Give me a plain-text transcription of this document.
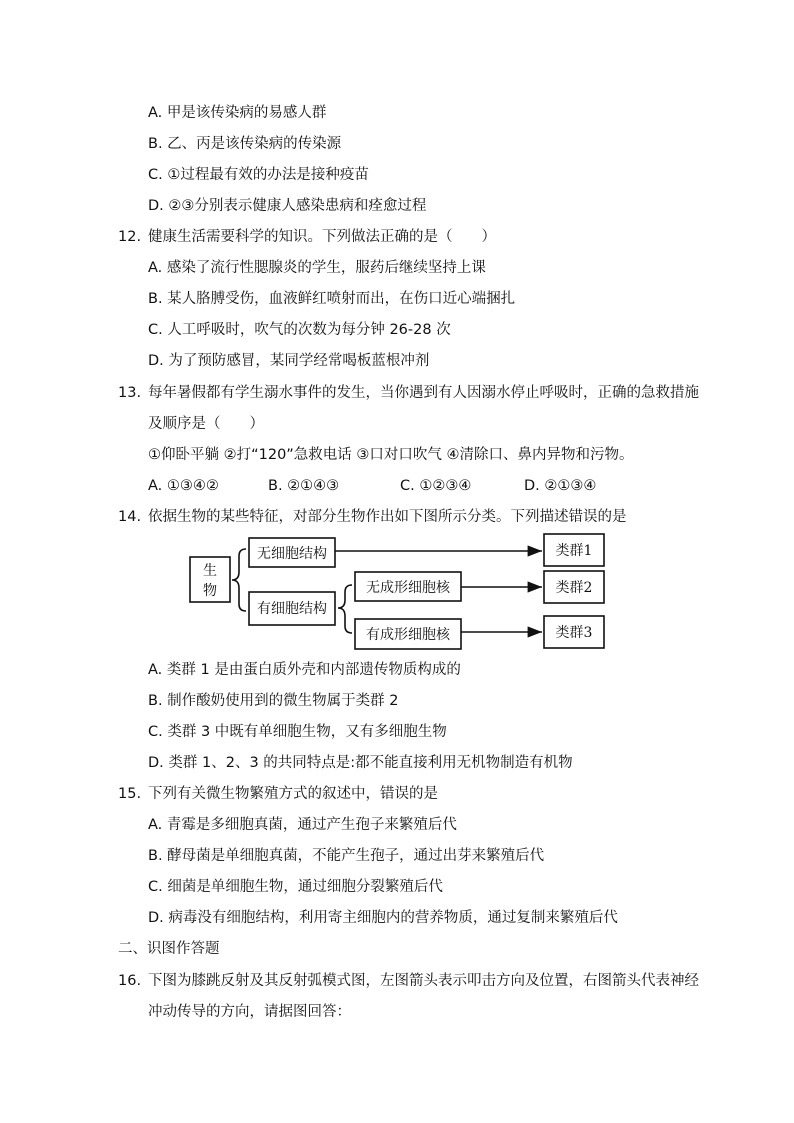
A. 甲是该传染病的易感人群
B. 乙、丙是该传染病的传染源
C. ①过程最有效的办法是接种疫苗
D. ②③分别表示健康人感染患病和痊愈过程
12. 健康生活需要科学的知识。下列做法正确的是（　　）
A. 感染了流行性腮腺炎的学生，服药后继续坚持上课
B. 某人胳膊受伤，血液鲜红喷射而出，在伤口近心端捆扎
C. 人工呼吸时，吹气的次数为每分钟 26-28 次
D. 为了预防感冒，某同学经常喝板蓝根冲剂
13. 每年暑假都有学生溺水事件的发生，当你遇到有人因溺水停止呼吸时，正确的急救措施
及顺序是（　　）
①仰卧平躺 ②打“120”急救电话 ③口对口吹气 ④清除口、鼻内异物和污物。
A. ①③④②	B. ②①④③	C. ①②③④	D. ②①③④
14. 依据生物的某些特征，对部分生物作出如下图所示分类。下列描述错误的是
生
物
无细胞结构
有细胞结构
无成形细胞核
有成形细胞核
类群1
类群2
类群3
A. 类群 1 是由蛋白质外壳和内部遗传物质构成的
B. 制作酸奶使用到的微生物属于类群 2
C. 类群 3 中既有单细胞生物，又有多细胞生物
D. 类群 1、2、3 的共同特点是:都不能直接利用无机物制造有机物
15. 下列有关微生物繁殖方式的叙述中，错误的是
A. 青霉是多细胞真菌，通过产生孢子来繁殖后代
B. 酵母菌是单细胞真菌，不能产生孢子，通过出芽来繁殖后代
C. 细菌是单细胞生物，通过细胞分裂繁殖后代
D. 病毒没有细胞结构，利用寄主细胞内的营养物质，通过复制来繁殖后代
二、识图作答题
16. 下图为膝跳反射及其反射弧模式图，左图箭头表示叩击方向及位置，右图箭头代表神经
冲动传导的方向，请据图回答：
